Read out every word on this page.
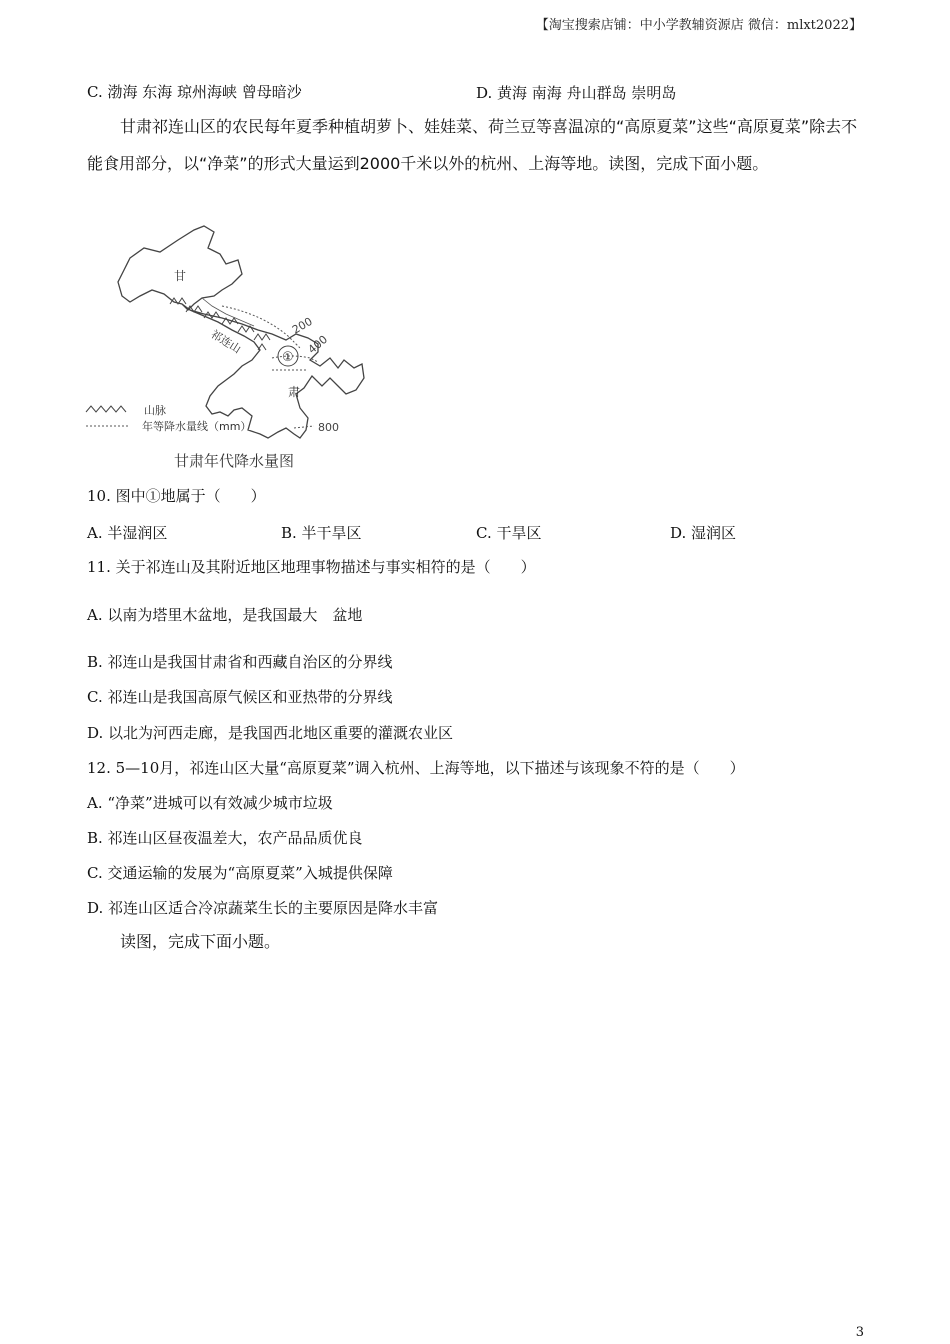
【淘宝搜索店铺：中小学教辅资源店 微信：mlxt2022】
C. 渤海 东海 琼州海峡 曾母暗沙	D. 黄海 南海 舟山群岛 崇明岛
甘肃祁连山区的农民每年夏季种植胡萝卜、娃娃菜、荷兰豆等喜温凉的“高原夏菜”这些“高原夏菜”除去不能食用部分，以“净菜”的形式大量运到2000千米以外的杭州、上海等地。读图，完成下面小题。
甘
肃
祁连山
①
200
400
800
山脉
年等降水量线（mm）
甘肃年代降水量图
10. 图中①地属于（　　）
A. 半湿润区	B. 半干旱区	C. 干旱区	D. 湿润区
11. 关于祁连山及其附近地区地理事物描述与事实相符的是（　　）
A. 以南为塔里木盆地，是我国最大　盆地
B. 祁连山是我国甘肃省和西藏自治区的分界线
C. 祁连山是我国高原气候区和亚热带的分界线
D. 以北为河西走廊，是我国西北地区重要的灌溉农业区
12. 5—10月，祁连山区大量“高原夏菜”调入杭州、上海等地，以下描述与该现象不符的是（　　）
A. “净菜”进城可以有效减少城市垃圾
B. 祁连山区昼夜温差大，农产品品质优良
C. 交通运输的发展为“高原夏菜”入城提供保障
D. 祁连山区适合冷凉蔬菜生长的主要原因是降水丰富
读图，完成下面小题。
3
